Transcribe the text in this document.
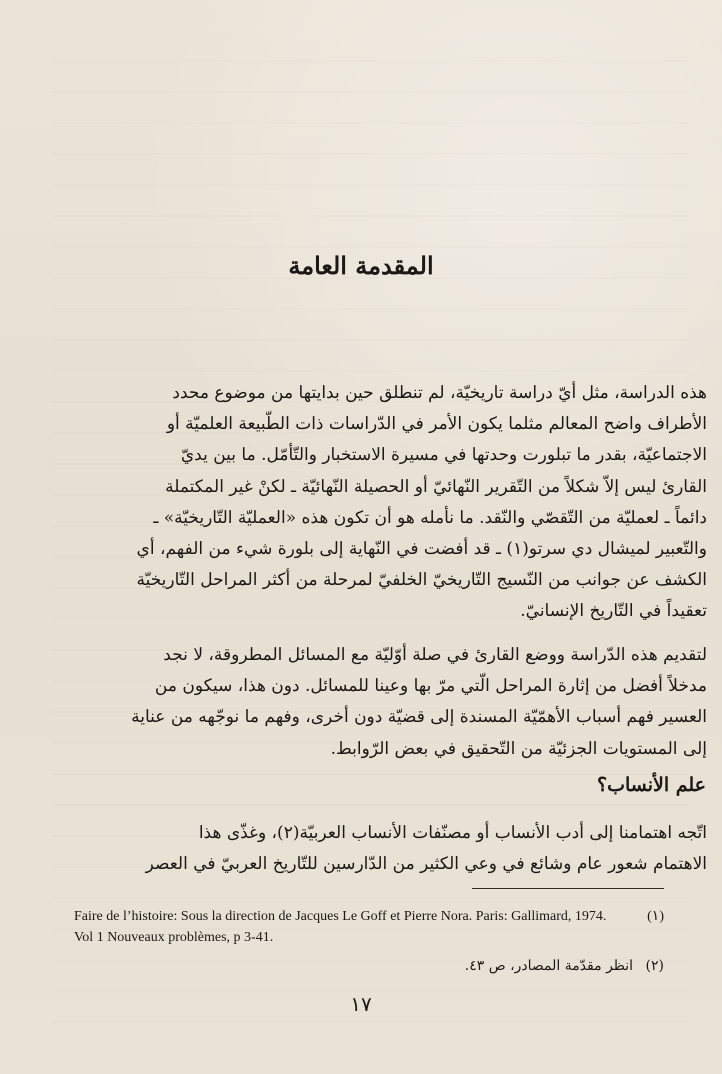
المقدمة العامة

هذه الدراسة، مثل أيّ دراسة تاريخيّة، لم تنطلق حين بدايتها من موضوع محدد
الأطراف واضح المعالم مثلما يكون الأمر في الدّراسات ذات الطّبيعة العلميّة أو
الاجتماعيّة، بقدر ما تبلورت وحدتها في مسيرة الاستخبار والتّأمّل. ما بين يديّ
القارئ ليس إلاّ شكلاً من التّقرير النّهائيّ أو الحصيلة النّهائيّة ـ لكنْ غير المكتملة
دائماً ـ لعمليّة من التّقصّي والنّقد. ما نأمله هو أن تكون هذه «العمليّة التّاريخيّة» ـ
والتّعبير لميشال دي سرتو(١) ـ قد أفضت في النّهاية إلى بلورة شيء من الفهم، أي
الكشف عن جوانب من النّسيج التّاريخيّ الخلفيّ لمرحلة من أكثر المراحل التّاريخيّة
تعقيداً في التّاريخ الإنسانيّ.

لتقديم هذه الدّراسة ووضع القارئ في صلة أوّليّة مع المسائل المطروقة، لا نجد
مدخلاً أفضل من إثارة المراحل الّتي مرّ بها وعينا للمسائل. دون هذا، سيكون من
العسير فهم أسباب الأهمّيّة المسندة إلى قضيّة دون أخرى، وفهم ما نوجّهه من عناية
إلى المستويات الجزئيّة من التّحقيق في بعض الرّوابط.

علم الأنساب؟

اتّجه اهتمامنا إلى أدب الأنساب أو مصنّفات الأنساب العربيّة(٢)، وغذّى هذا
الاهتمام شعور عام وشائع في وعي الكثير من الدّارسين للتّاريخ العربيّ في العصر

(١)
Faire de l’histoire: Sous la direction de Jacques Le Goff et Pierre Nora. Paris: Gallimard, 1974. Vol 1 Nouveaux problèmes, p 3-41.
(٢) انظر مقدّمة المصادر، ص ٤٣.
١٧
